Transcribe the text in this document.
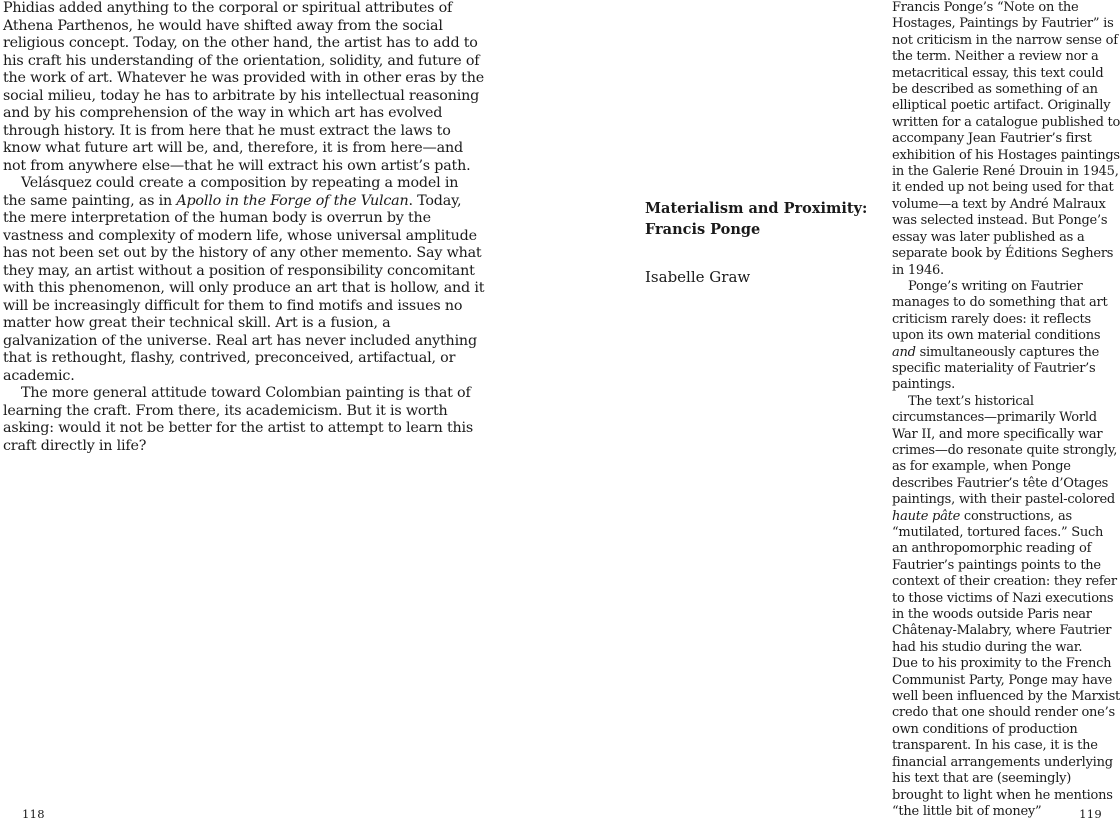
Phidias added anything to the corporal or spiritual attributes of Athena Parthenos, he would have shifted away from the social religious concept. Today, on the other hand, the artist has to add to his craft his understanding of the orientation, solidity, and future of the work of art. Whatever he was provided with in other eras by the social milieu, today he has to arbitrate by his intellectual reasoning and by his comprehension of the way in which art has evolved through history. It is from here that he must extract the laws to know what future art will be, and, therefore, it is from here—and not from anywhere else—that he will extract his own artist’s path.

Velásquez could create a composition by repeating a model in the same painting, as in Apollo in the Forge of the Vulcan. Today, the mere interpretation of the human body is overrun by the vastness and complexity of modern life, whose universal amplitude has not been set out by the history of any other memento. Say what they may, an artist without a position of responsibility concomitant with this phenomenon, will only produce an art that is hollow, and it will be increasingly difficult for them to find motifs and issues no matter how great their technical skill. Art is a fusion, a galvanization of the universe. Real art has never included anything that is rethought, flashy, contrived, preconceived, artifactual, or academic.

The more general attitude toward Colombian painting is that of learning the craft. From there, its academicism. But it is worth asking: would it not be better for the artist to attempt to learn this craft directly in life?

118
Materialism and Proximity: Francis Ponge
Isabelle Graw

Francis Ponge’s “Note on the Hostages, Paintings by Fautrier” is not criticism in the narrow sense of the term. Neither a review nor a metacritical essay, this text could be described as something of an elliptical poetic artifact. Originally written for a catalogue published to accompany Jean Fautrier’s first exhibition of his Hostages paintings in the Galerie René Drouin in 1945, it ended up not being used for that volume—a text by André Malraux was selected instead. But Ponge’s essay was later published as a separate book by Éditions Seghers in 1946.

Ponge’s writing on Fautrier manages to do something that art criticism rarely does: it reflects upon its own material conditions and simultaneously captures the specific materiality of Fautrier’s paintings.

The text’s historical circumstances—primarily World War II, and more specifically war crimes—do resonate quite strongly, as for example, when Ponge describes Fautrier’s tête d’Otages paintings, with their pastel-colored haute pâte constructions, as “mutilated, tortured faces.” Such an anthropomorphic reading of Fautrier’s paintings points to the context of their creation: they refer to those victims of Nazi executions in the woods outside Paris near Châtenay-Malabry, where Fautrier had his studio during the war.

Due to his proximity to the French Communist Party, Ponge may have well been influenced by the Marxist credo that one should render one’s own conditions of production transparent. In his case, it is the financial arrangements underlying his text that are (seemingly) brought to light when he mentions “the little bit of money”	119
